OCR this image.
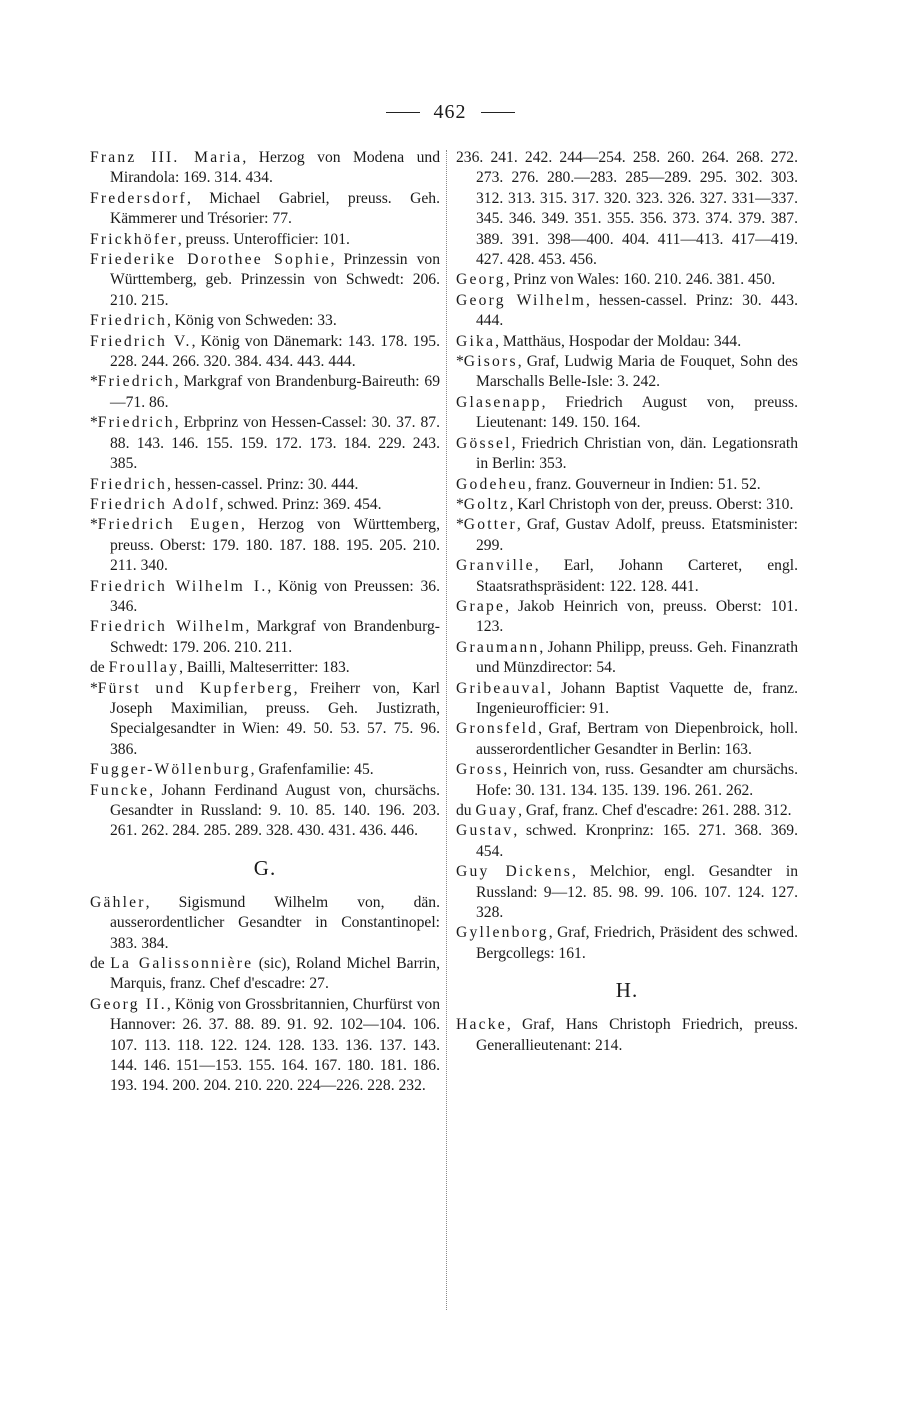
462

Franz III. Maria, Herzog von Modena und Mirandola: 169. 314. 434.

Fredersdorf, Michael Gabriel, preuss. Geh. Kämmerer und Trésorier: 77.

Frickhöfer, preuss. Unterofficier: 101.

Friederike Dorothee Sophie, Prinzessin von Württemberg, geb. Prinzessin von Schwedt: 206. 210. 215.

Friedrich, König von Schweden: 33.

Friedrich V., König von Dänemark: 143. 178. 195. 228. 244. 266. 320. 384. 434. 443. 444.

*Friedrich, Markgraf von Brandenburg-Baireuth: 69—71. 86.

*Friedrich, Erbprinz von Hessen-Cassel: 30. 37. 87. 88. 143. 146. 155. 159. 172. 173. 184. 229. 243. 385.

Friedrich, hessen-cassel. Prinz: 30. 444.

Friedrich Adolf, schwed. Prinz: 369. 454.

*Friedrich Eugen, Herzog von Württemberg, preuss. Oberst: 179. 180. 187. 188. 195. 205. 210. 211. 340.

Friedrich Wilhelm I., König von Preussen: 36. 346.

Friedrich Wilhelm, Markgraf von Brandenburg-Schwedt: 179. 206. 210. 211.

de Froullay, Bailli, Malteserritter: 183.

*Fürst und Kupferberg, Freiherr von, Karl Joseph Maximilian, preuss. Geh. Justizrath, Specialgesandter in Wien: 49. 50. 53. 57. 75. 96. 386.

Fugger-Wöllenburg, Grafenfamilie: 45.

Funcke, Johann Ferdinand August von, chursächs. Gesandter in Russland: 9. 10. 85. 140. 196. 203. 261. 262. 284. 285. 289. 328. 430. 431. 436. 446.

G.

Gähler, Sigismund Wilhelm von, dän. ausserordentlicher Gesandter in Constantinopel: 383. 384.

de La Galissonnière (sic), Roland Michel Barrin, Marquis, franz. Chef d'escadre: 27.

Georg II., König von Grossbritannien, Churfürst von Hannover: 26. 37. 88. 89. 91. 92. 102—104. 106. 107. 113. 118. 122. 124. 128. 133. 136. 137. 143. 144. 146. 151—153. 155. 164. 167. 180. 181. 186. 193. 194. 200. 204. 210. 220. 224—226. 228. 232.

236. 241. 242. 244—254. 258. 260. 264. 268. 272. 273. 276. 280.—283. 285—289. 295. 302. 303. 312. 313. 315. 317. 320. 323. 326. 327. 331—337. 345. 346. 349. 351. 355. 356. 373. 374. 379. 387. 389. 391. 398—400. 404. 411—413. 417—419. 427. 428. 453. 456.

Georg, Prinz von Wales: 160. 210. 246. 381. 450.

Georg Wilhelm, hessen-cassel. Prinz: 30. 443. 444.

Gika, Matthäus, Hospodar der Moldau: 344.

*Gisors, Graf, Ludwig Maria de Fouquet, Sohn des Marschalls Belle-Isle: 3. 242.

Glasenapp, Friedrich August von, preuss. Lieutenant: 149. 150. 164.

Gössel, Friedrich Christian von, dän. Legationsrath in Berlin: 353.

Godeheu, franz. Gouverneur in Indien: 51. 52.

*Goltz, Karl Christoph von der, preuss. Oberst: 310.

*Gotter, Graf, Gustav Adolf, preuss. Etatsminister: 299.

Granville, Earl, Johann Carteret, engl. Staatsrathspräsident: 122. 128. 441.

Grape, Jakob Heinrich von, preuss. Oberst: 101. 123.

Graumann, Johann Philipp, preuss. Geh. Finanzrath und Münzdirector: 54.

Gribeauval, Johann Baptist Vaquette de, franz. Ingenieurofficier: 91.

Gronsfeld, Graf, Bertram von Diepenbroick, holl. ausserordentlicher Gesandter in Berlin: 163.

Gross, Heinrich von, russ. Gesandter am chursächs. Hofe: 30. 131. 134. 135. 139. 196. 261. 262.

du Guay, Graf, franz. Chef d'escadre: 261. 288. 312.

Gustav, schwed. Kronprinz: 165. 271. 368. 369. 454.

Guy Dickens, Melchior, engl. Gesandter in Russland: 9—12. 85. 98. 99. 106. 107. 124. 127. 328.

Gyllenborg, Graf, Friedrich, Präsident des schwed. Bergcollegs: 161.

H.

Hacke, Graf, Hans Christoph Friedrich, preuss. Generallieutenant: 214.
